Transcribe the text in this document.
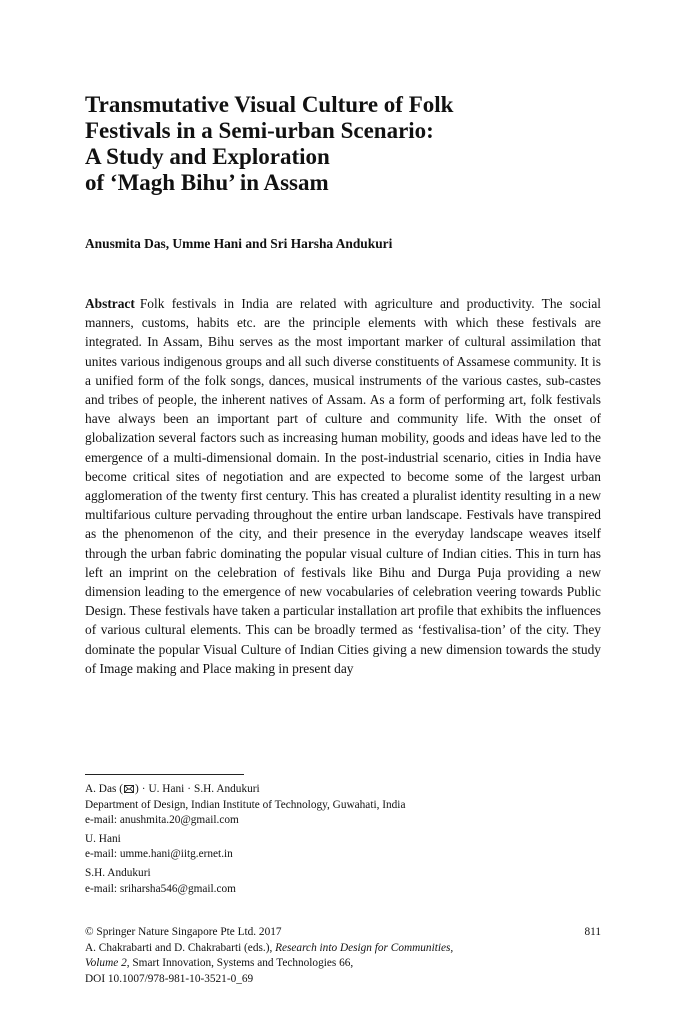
Transmutative Visual Culture of Folk
Festivals in a Semi-urban Scenario:
A Study and Exploration
of ‘Magh Bihu’ in Assam

Anusmita Das, Umme Hani and Sri Harsha Andukuri

Abstract Folk festivals in India are related with agriculture and productivity. The social manners, customs, habits etc. are the principle elements with which these festivals are integrated. In Assam, Bihu serves as the most important marker of cultural assimilation that unites various indigenous groups and all such diverse constituents of Assamese community. It is a unified form of the folk songs, dances, musical instruments of the various castes, sub-castes and tribes of people, the inherent natives of Assam. As a form of performing art, folk festivals have always been an important part of culture and community life. With the onset of globalization several factors such as increasing human mobility, goods and ideas have led to the emergence of a multi-dimensional domain. In the post-industrial scenario, cities in India have become critical sites of negotiation and are expected to become some of the largest urban agglomeration of the twenty first century. This has created a pluralist identity resulting in a new multifarious culture pervading throughout the entire urban landscape. Festivals have transpired as the phenomenon of the city, and their presence in the everyday landscape weaves itself through the urban fabric dominating the popular visual culture of Indian cities. This in turn has left an imprint on the celebration of festivals like Bihu and Durga Puja providing a new dimension leading to the emergence of new vocabularies of celebration veering towards Public Design. These festivals have taken a particular installation art profile that exhibits the influences of various cultural elements. This can be broadly termed as ‘festivalisa-tion’ of the city. They dominate the popular Visual Culture of Indian Cities giving a new dimension towards the study of Image making and Place making in present day

A. Das ( ) · U. Hani · S.H. Andukuri
Department of Design, Indian Institute of Technology, Guwahati, India
e-mail: anushmita.20@gmail.com
U. Hani
e-mail: umme.hani@iitg.ernet.in
S.H. Andukuri
e-mail: sriharsha546@gmail.com
© Springer Nature Singapore Pte Ltd. 2017	811
A. Chakrabarti and D. Chakrabarti (eds.), Research into Design for Communities,
Volume 2, Smart Innovation, Systems and Technologies 66,
DOI 10.1007/978-981-10-3521-0_69
